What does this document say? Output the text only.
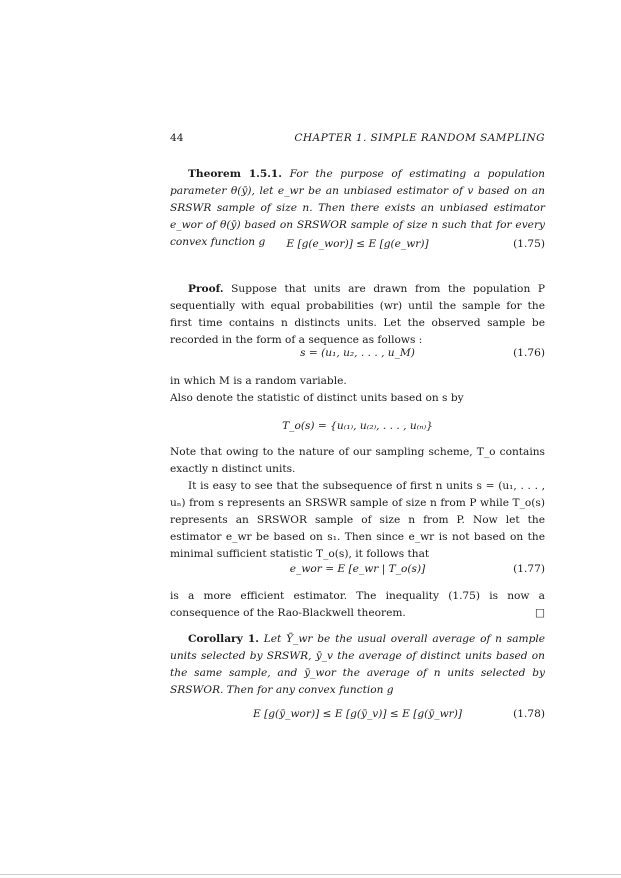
44	CHAPTER 1. SIMPLE RANDOM SAMPLING

Theorem 1.5.1. For the purpose of estimating a population parameter θ(ȳ), let e_wr be an unbiased estimator of v based on an SRSWR sample of size n. Then there exists an unbiased estimator e_wor of θ(ȳ) based on SRSWOR sample of size n such that for every convex function g	E [g(e_wor)] ≤ E [g(e_wr)]	(1.75)

Proof. Suppose that units are drawn from the population P sequentially with equal probabilities (wr) until the sample for the first time contains n distincts units. Let the observed sample be recorded in the form of a sequence as follows :

s = (u₁, u₂, . . . , u_M)	(1.76)

in which M is a random variable.

Also denote the statistic of distinct units based on s by

T_o(s) = {u₍₁₎, u₍₂₎, . . . , u₍ₙ₎}

Note that owing to the nature of our sampling scheme, T_o contains exactly n distinct units.

It is easy to see that the subsequence of first n units s = (u₁, . . . , uₙ) from s represents an SRSWR sample of size n from P while T_o(s) represents an SRSWOR sample of size n from P. Now let the estimator e_wr be based on s₁. Then since e_wr is not based on the minimal sufficient statistic T_o(s), it follows that

e_wor = E [e_wr | T_o(s)]	(1.77)

is a more efficient estimator. The inequality (1.75) is now a consequence of the Rao-Blackwell theorem.	□

Corollary 1. Let Ȳ_wr be the usual overall average of n sample units selected by SRSWR, ȳ_v the average of distinct units based on the same sample, and ȳ_wor the average of n units selected by SRSWOR. Then for any convex function g

E [g(ȳ_wor)] ≤ E [g(ȳ_v)] ≤ E [g(ȳ_wr)]	(1.78)
